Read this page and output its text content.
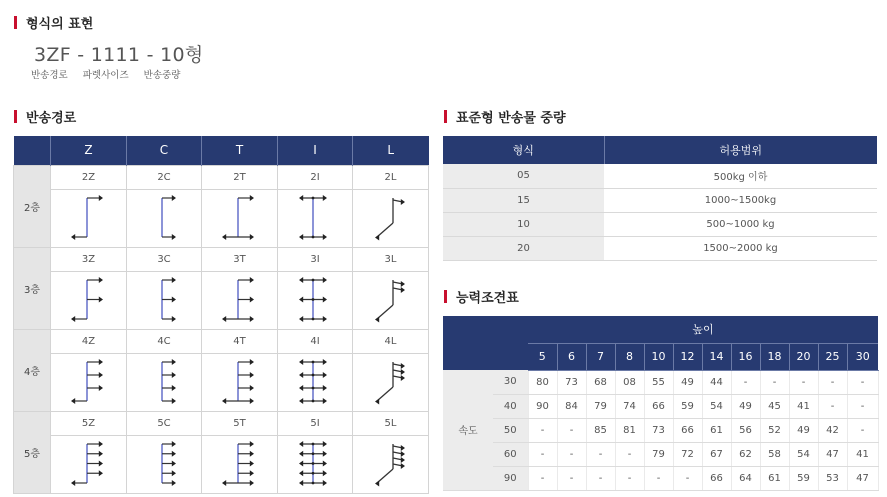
형식의 표현
3ZF - 1111 - 10형
반송경로 파렛사이즈 반송중량
반송경로
	Z	C	T	I	L
2층	2Z	2C	2T	2I	2L

3층	3Z	3C	3T	3I	3L

4층	4Z	4C	4T	4I	4L

5층	5Z	5C	5T	5I	5L

표준형 반송물 중량
형식	허용범위
05	500kg 이하
15	1000~1500kg
10	500~1000 kg
20	1500~2000 kg
능력조견표
		높이											
		5	6	7	8	10	12	14	16	18	20	25	30
속도	30	80	73	68	08	55	49	44	-	-	-	-	-
	40	90	84	79	74	66	59	54	49	45	41	-	-
	50	-	-	85	81	73	66	61	56	52	49	42	-
	60	-	-	-	-	79	72	67	62	58	54	47	41
	90	-	-	-	-	-	-	66	64	61	59	53	47
